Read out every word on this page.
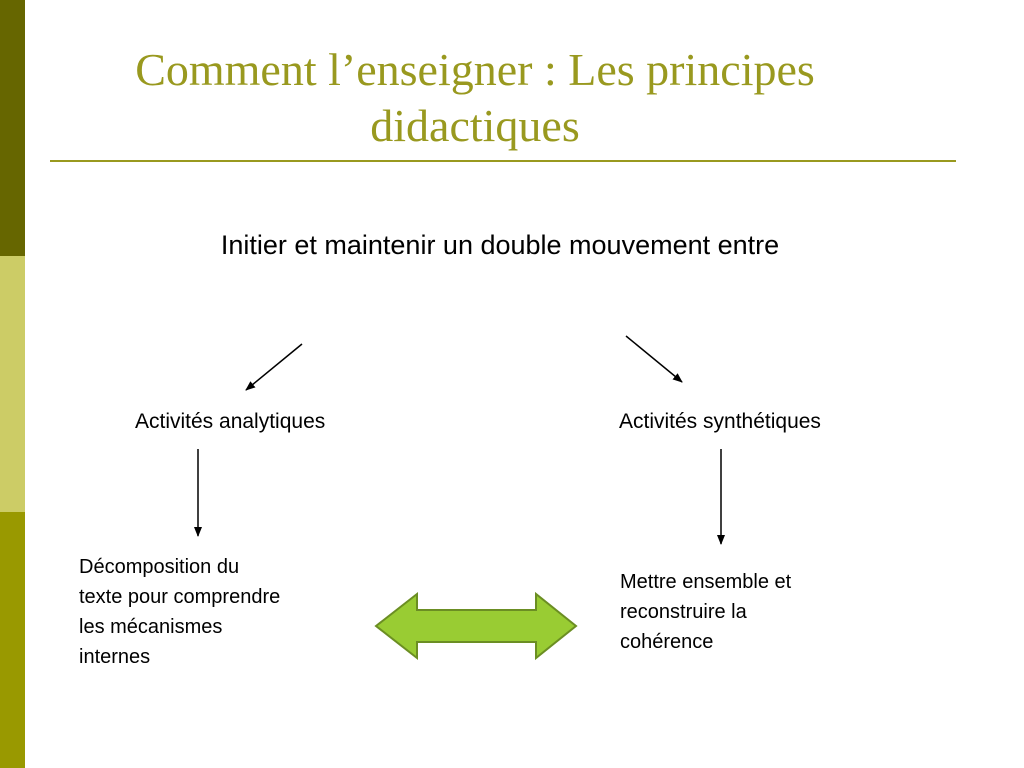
Comment l’enseigner : Les principes didactiques
Initier et maintenir un double mouvement entre
Activités analytiques	Activités synthétiques
Décomposition du
texte pour comprendre
les mécanismes
internes
Mettre ensemble et
reconstruire la
cohérence
